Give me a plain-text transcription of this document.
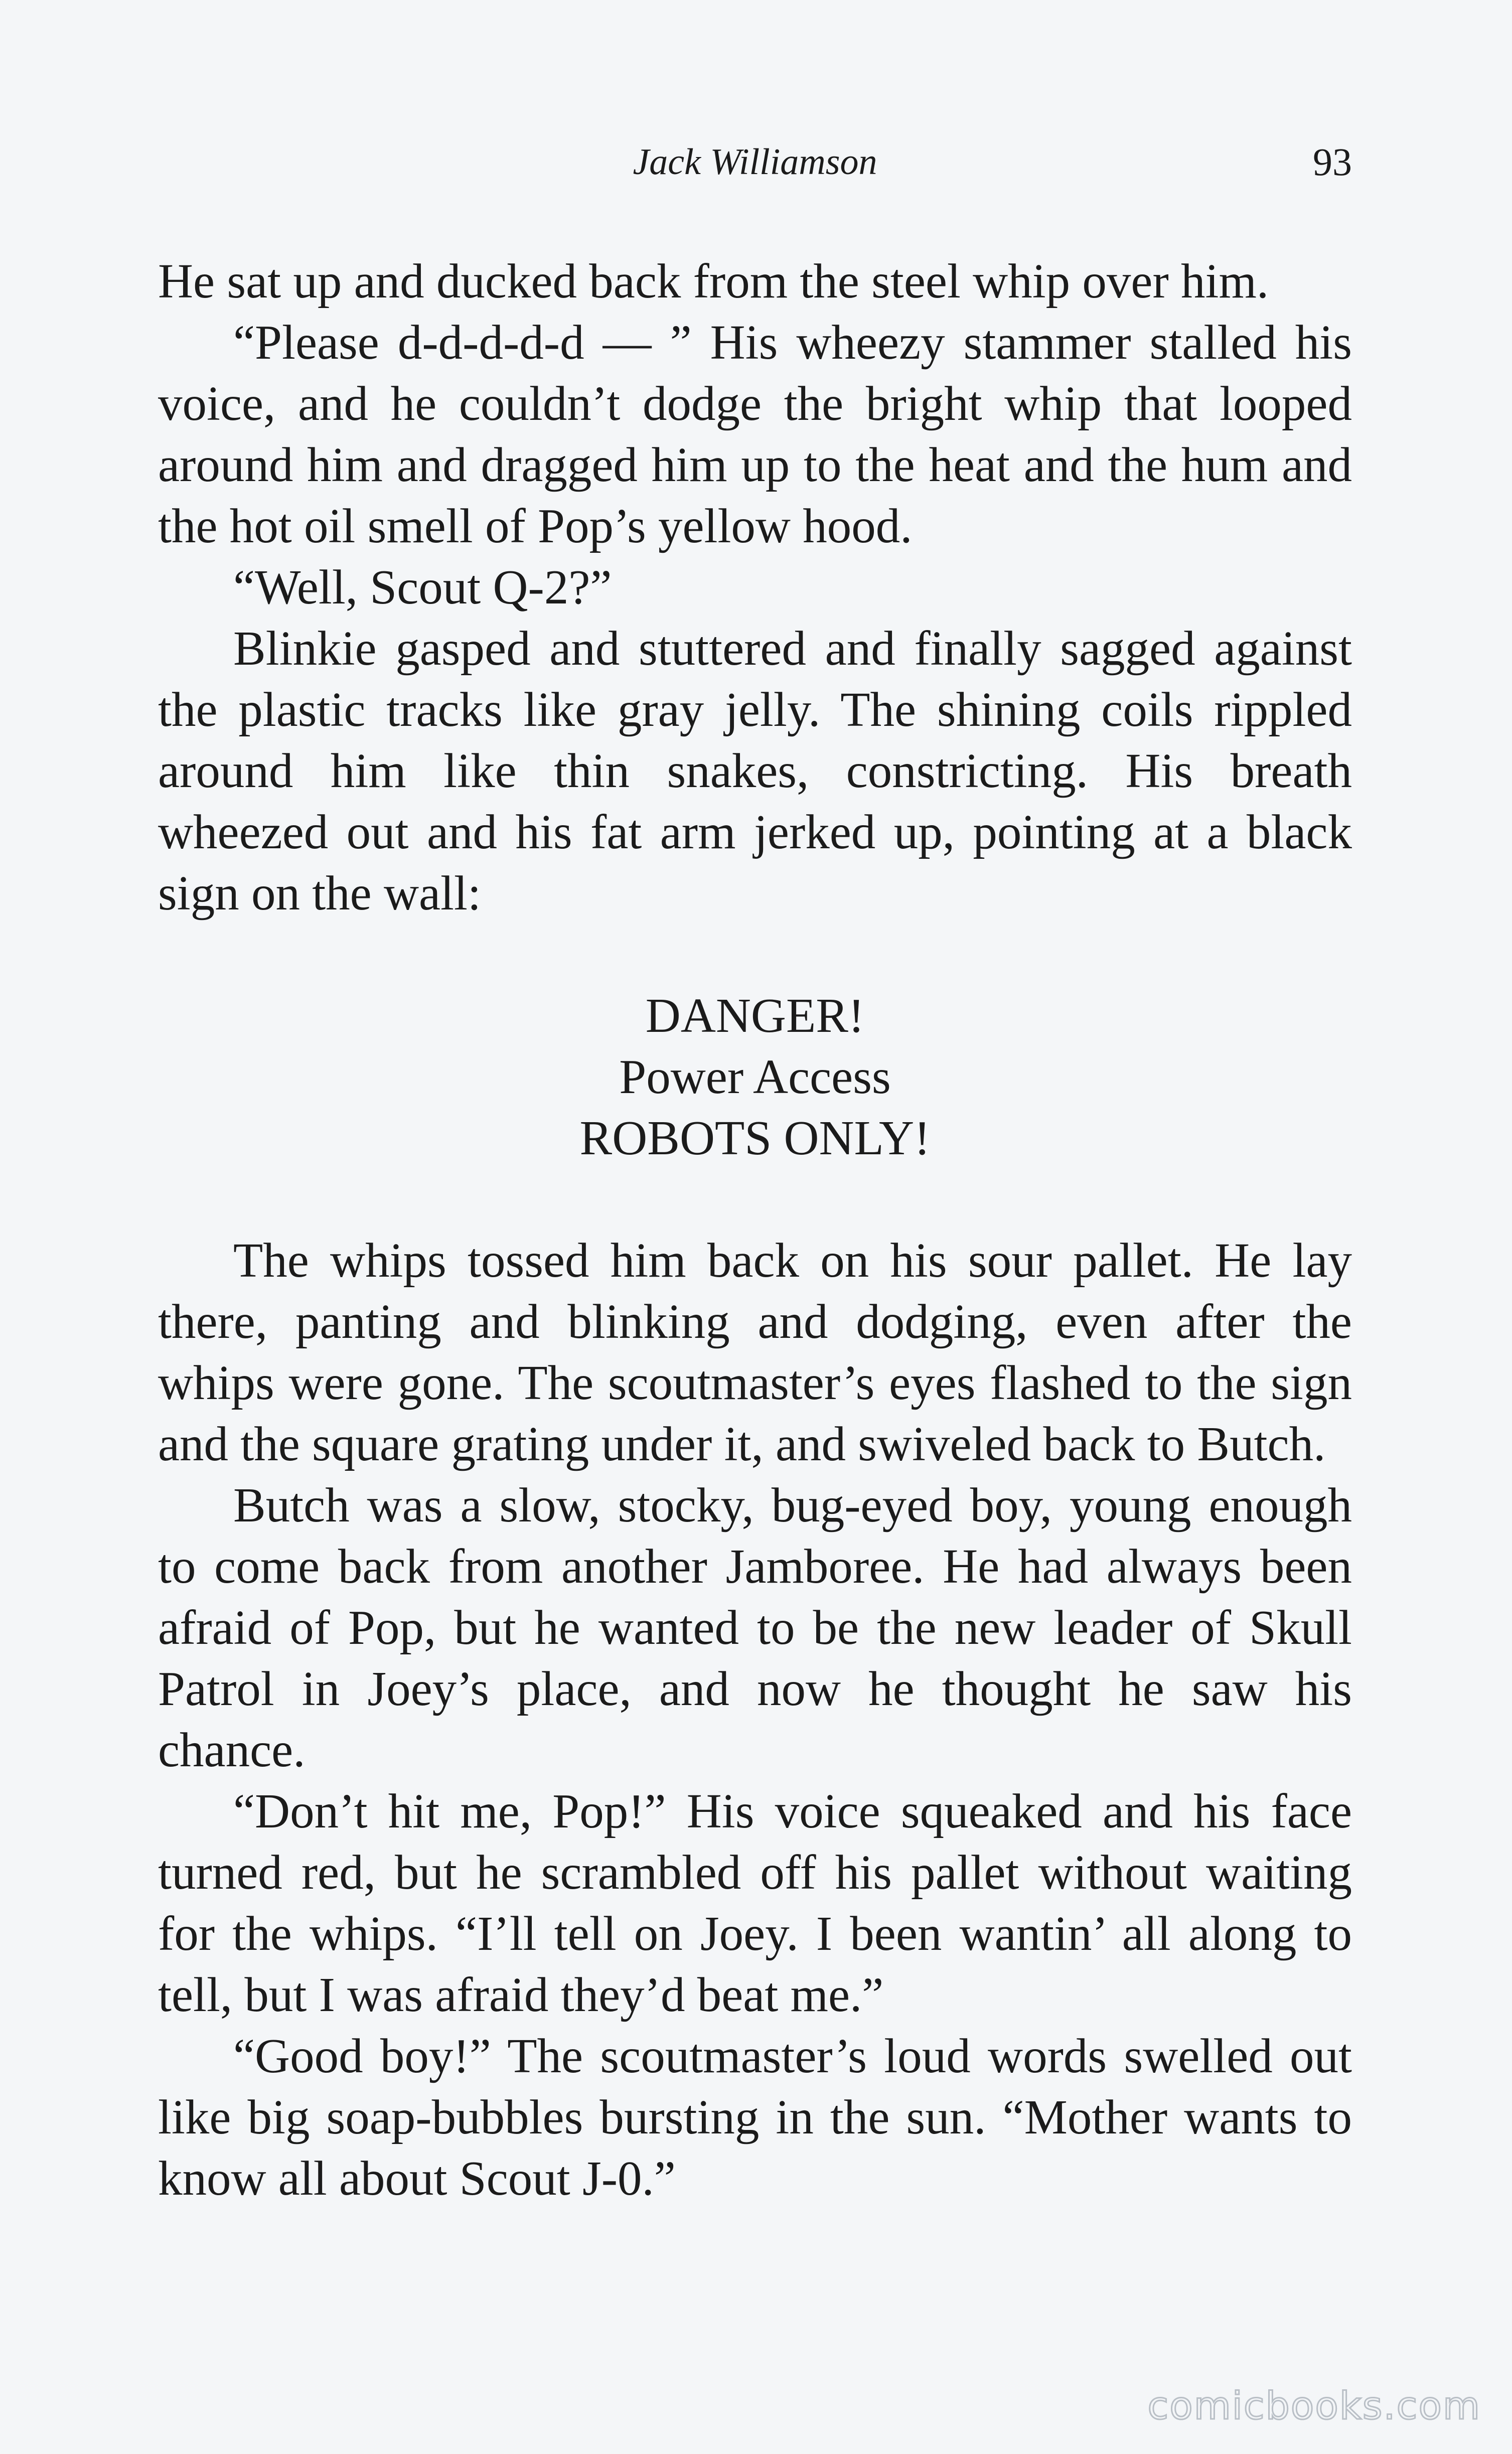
Jack Williamson	93

He sat up and ducked back from the steel whip over him.

“Please d-d-d-d-d — ” His wheezy stammer stalled his voice, and he couldn’t dodge the bright whip that looped around him and dragged him up to the heat and the hum and the hot oil smell of Pop’s yellow hood.

“Well, Scout Q-2?”

Blinkie gasped and stuttered and finally sagged against the plastic tracks like gray jelly. The shining coils rippled around him like thin snakes, constricting. His breath wheezed out and his fat arm jerked up, pointing at a black sign on the wall:

DANGER!
Power Access
ROBOTS ONLY!

The whips tossed him back on his sour pallet. He lay there, panting and blinking and dodging, even after the whips were gone. The scoutmaster’s eyes flashed to the sign and the square grating under it, and swiveled back to Butch.

Butch was a slow, stocky, bug-eyed boy, young enough to come back from another Jamboree. He had always been afraid of Pop, but he wanted to be the new leader of Skull Patrol in Joey’s place, and now he thought he saw his chance.

“Don’t hit me, Pop!” His voice squeaked and his face turned red, but he scrambled off his pallet without waiting for the whips. “I’ll tell on Joey. I been wantin’ all along to tell, but I was afraid they’d beat me.”

“Good boy!” The scoutmaster’s loud words swelled out like big soap-bubbles bursting in the sun. “Mother wants to know all about Scout J-0.”

comicbooks.com
